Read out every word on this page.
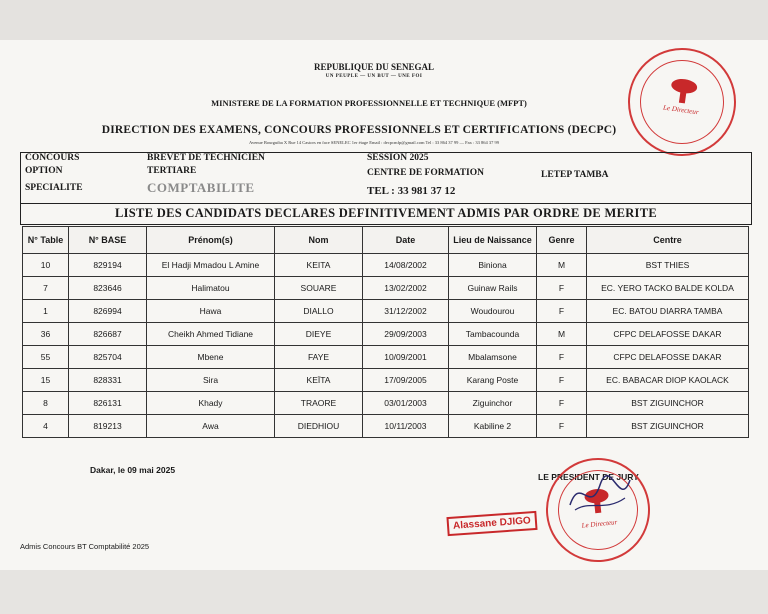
REPUBLIQUE DU SENEGAL
UN PEUPLE — UN BUT — UNE FOI
MINISTERE DE LA FORMATION PROFESSIONNELLE ET TECHNIQUE (MFPT)
DIRECTION DES EXAMENS, CONCOURS PROFESSIONNELS ET CERTIFICATIONS (DECPC)
Avenue Bourguiba X Rue 14 Castors en face SENELEC 1er étage Email : decpcmfp@gmail.com Tel : 33 864 37 99 — Fax : 33 864 37 99
Le Directeur
CONCOURS
OPTION
SPECIALITE
BREVET DE TECHNICIEN
TERTIARE
COMPTABILITE
SESSION 2025
CENTRE DE FORMATION	LETEP TAMBA
TEL : 33 981 37 12
LISTE DES CANDIDATS DECLARES DEFINITIVEMENT ADMIS PAR ORDRE DE MERITE
N° Table	N° BASE	Prénom(s)	Nom	Date	Lieu de Naissance	Genre	Centre
10	829194	El Hadji Mmadou L Amine	KEITA	14/08/2002	Biniona	M	BST THIES
7	823646	Halimatou	SOUARE	13/02/2002	Guinaw Rails	F	EC. YERO TACKO BALDE KOLDA
1	826994	Hawa	DIALLO	31/12/2002	Woudourou	F	EC. BATOU DIARRA TAMBA
36	826687	Cheikh Ahmed Tidiane	DIEYE	29/09/2003	Tambacounda	M	CFPC DELAFOSSE DAKAR
55	825704	Mbene	FAYE	10/09/2001	Mbalamsone	F	CFPC DELAFOSSE DAKAR
15	828331	Sira	KEÏTA	17/09/2005	Karang Poste	F	EC. BABACAR DIOP KAOLACK
8	826131	Khady	TRAORE	03/01/2003	Ziguinchor	F	BST ZIGUINCHOR
4	819213	Awa	DIEDHIOU	10/11/2003	Kabiline 2	F	BST ZIGUINCHOR
Dakar, le 09 mai 2025
LE PRESIDENT DE JURY
Le Directeur
Alassane DJIGO
Admis Concours BT Comptabilité 2025
